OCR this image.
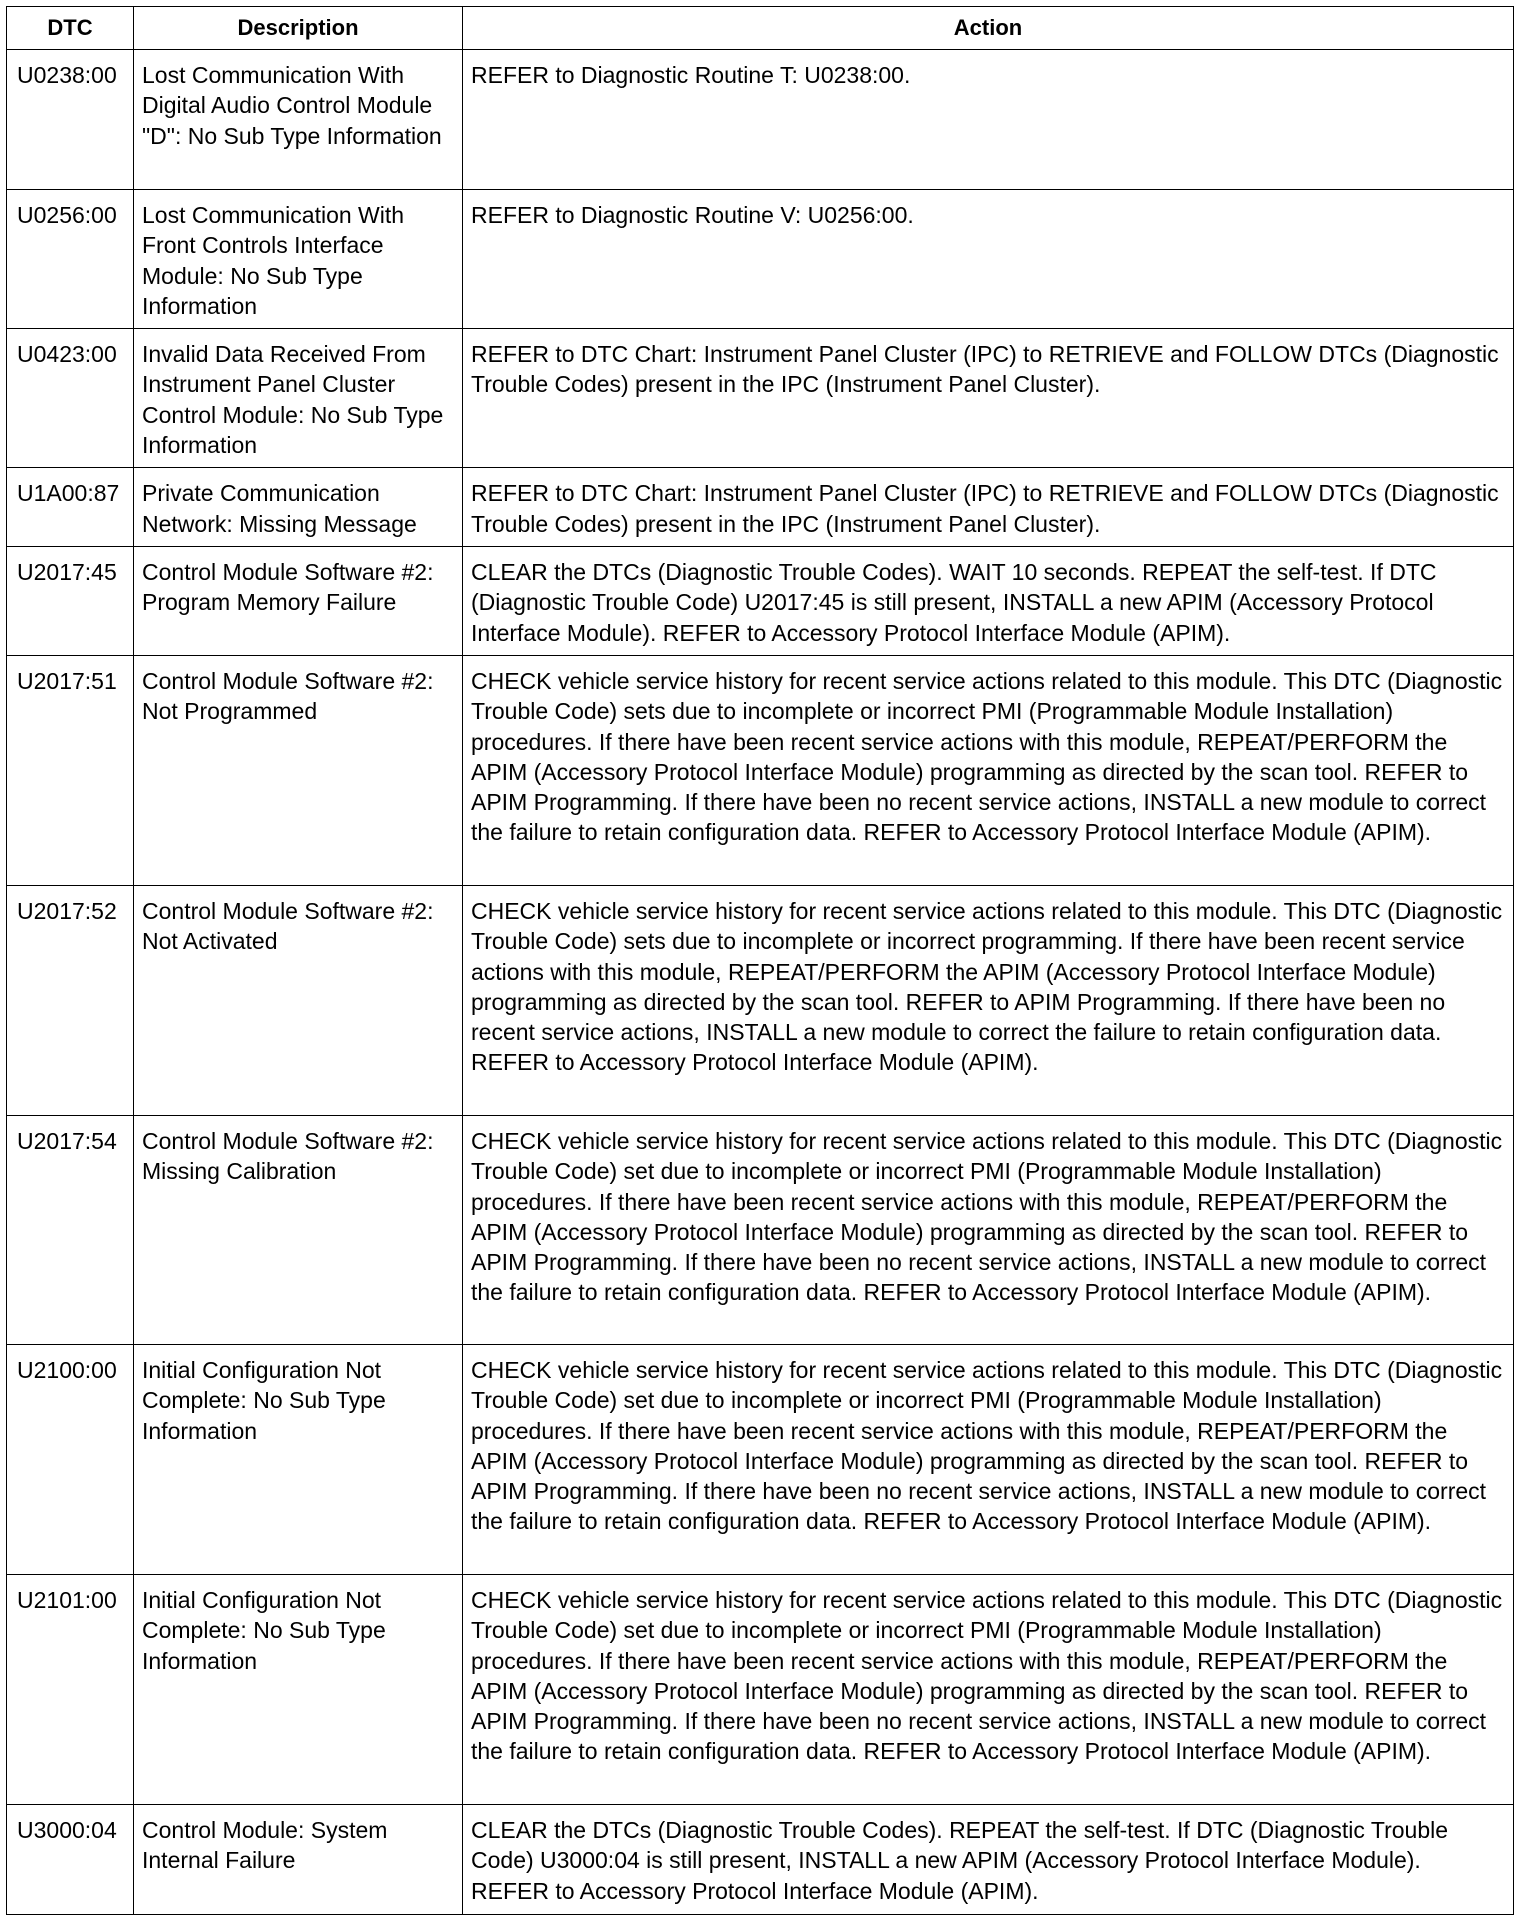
DTC	Description	Action
U0238:00	Lost Communication With Digital Audio Control Module "D": No Sub Type Information	REFER to Diagnostic Routine T: U0238:00.
U0256:00	Lost Communication With Front Controls Interface Module: No Sub Type Information	REFER to Diagnostic Routine V: U0256:00.
U0423:00	Invalid Data Received From Instrument Panel Cluster Control Module: No Sub Type Information	REFER to DTC Chart: Instrument Panel Cluster (IPC) to RETRIEVE and FOLLOW DTCs (Diagnostic Trouble Codes) present in the IPC (Instrument Panel Cluster).
U1A00:87	Private Communication Network: Missing Message	REFER to DTC Chart: Instrument Panel Cluster (IPC) to RETRIEVE and FOLLOW DTCs (Diagnostic Trouble Codes) present in the IPC (Instrument Panel Cluster).
U2017:45	Control Module Software #2: Program Memory Failure	CLEAR the DTCs (Diagnostic Trouble Codes). WAIT 10 seconds. REPEAT the self-test. If DTC (Diagnostic Trouble Code) U2017:45 is still present, INSTALL a new APIM (Accessory Protocol Interface Module). REFER to Accessory Protocol Interface Module (APIM).
U2017:51	Control Module Software #2: Not Programmed	CHECK vehicle service history for recent service actions related to this module. This DTC (Diagnostic Trouble Code) sets due to incomplete or incorrect PMI (Programmable Module Installation) procedures. If there have been recent service actions with this module, REPEAT/PERFORM the APIM (Accessory Protocol Interface Module) programming as directed by the scan tool. REFER to APIM Programming. If there have been no recent service actions, INSTALL a new module to correct the failure to retain configuration data. REFER to Accessory Protocol Interface Module (APIM).
U2017:52	Control Module Software #2: Not Activated	CHECK vehicle service history for recent service actions related to this module. This DTC (Diagnostic Trouble Code) sets due to incomplete or incorrect programming. If there have been recent service actions with this module, REPEAT/PERFORM the APIM (Accessory Protocol Interface Module) programming as directed by the scan tool. REFER to APIM Programming. If there have been no recent service actions, INSTALL a new module to correct the failure to retain configuration data. REFER to Accessory Protocol Interface Module (APIM).
U2017:54	Control Module Software #2: Missing Calibration	CHECK vehicle service history for recent service actions related to this module. This DTC (Diagnostic Trouble Code) set due to incomplete or incorrect PMI (Programmable Module Installation) procedures. If there have been recent service actions with this module, REPEAT/PERFORM the APIM (Accessory Protocol Interface Module) programming as directed by the scan tool. REFER to APIM Programming. If there have been no recent service actions, INSTALL a new module to correct the failure to retain configuration data. REFER to Accessory Protocol Interface Module (APIM).
U2100:00	Initial Configuration Not Complete: No Sub Type Information	CHECK vehicle service history for recent service actions related to this module. This DTC (Diagnostic Trouble Code) set due to incomplete or incorrect PMI (Programmable Module Installation) procedures. If there have been recent service actions with this module, REPEAT/PERFORM the APIM (Accessory Protocol Interface Module) programming as directed by the scan tool. REFER to APIM Programming. If there have been no recent service actions, INSTALL a new module to correct the failure to retain configuration data. REFER to Accessory Protocol Interface Module (APIM).
U2101:00	Initial Configuration Not Complete: No Sub Type Information	CHECK vehicle service history for recent service actions related to this module. This DTC (Diagnostic Trouble Code) set due to incomplete or incorrect PMI (Programmable Module Installation) procedures. If there have been recent service actions with this module, REPEAT/PERFORM the APIM (Accessory Protocol Interface Module) programming as directed by the scan tool. REFER to APIM Programming. If there have been no recent service actions, INSTALL a new module to correct the failure to retain configuration data. REFER to Accessory Protocol Interface Module (APIM).
U3000:04	Control Module: System Internal Failure	CLEAR the DTCs (Diagnostic Trouble Codes). REPEAT the self-test. If DTC (Diagnostic Trouble Code) U3000:04 is still present, INSTALL a new APIM (Accessory Protocol Interface Module). REFER to Accessory Protocol Interface Module (APIM).
